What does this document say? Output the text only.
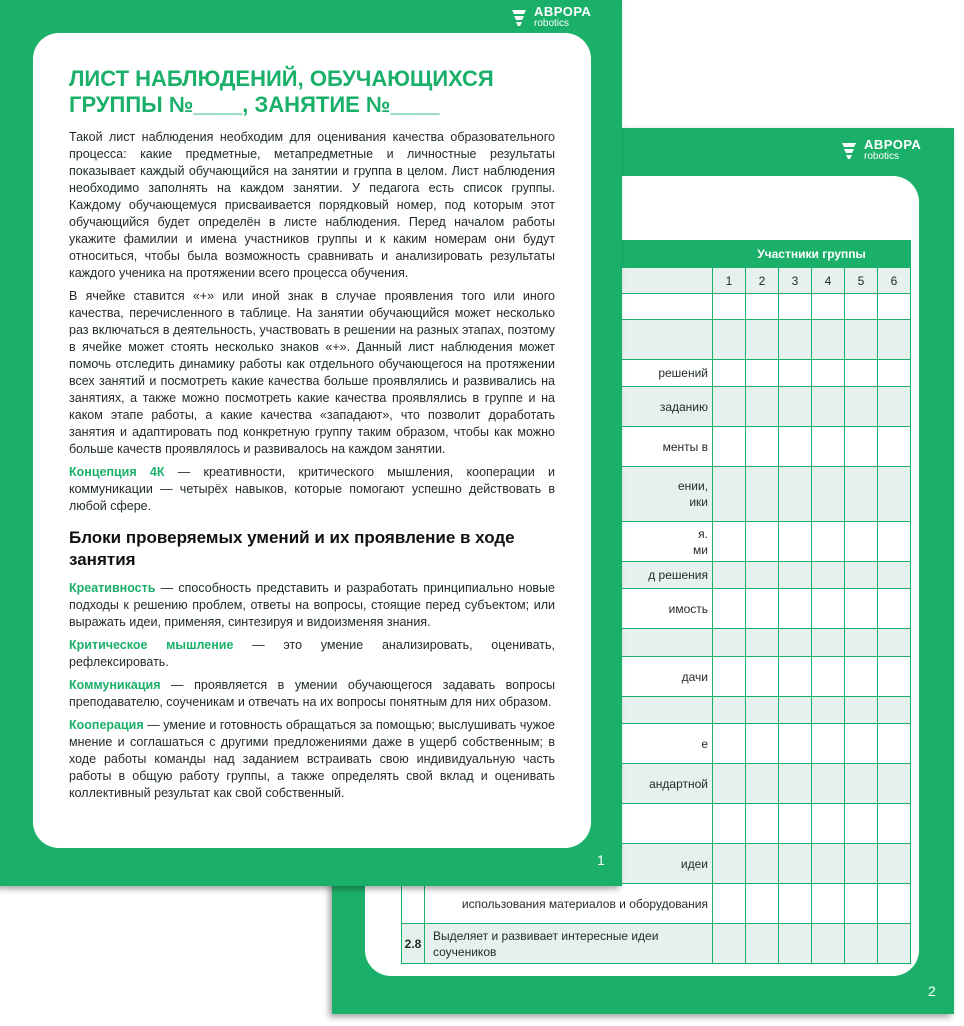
АВРОРА
robotics
		Участники группы					
		1	2	3	4	5	6

	решений						

	заданию						

	менты в						

	ении,
ики						

	я.
ми						

	д решения						

	имость						

	дачи						

	е						

	андартной						

	идеи						

	использования материалов и оборудования						

2.8	Выделяет и развивает интересные идеи соучеников						

2
АВРОРА
robotics
ЛИСТ НАБЛЮДЕНИЙ, ОБУЧАЮЩИХСЯ ГРУППЫ №____, ЗАНЯТИЕ №____

Такой лист наблюдения необходим для оценивания качества образовательного процесса: какие предметные, метапредметные и личностные результаты показывает каждый обучающийся на занятии и группа в целом. Лист наблюдения необходимо заполнять на каждом занятии. У педагога есть список группы. Каждому обучающемуся присваивается порядковый номер, под которым этот обучающийся будет определён в листе наблюдения. Перед началом работы укажите фамилии и имена участников группы и к каким номерам они будут относиться, чтобы была возможность сравнивать и анализировать результаты каждого ученика на протяжении всего процесса обучения.

В ячейке ставится «+» или иной знак в случае проявления того или иного качества, перечисленного в таблице. На занятии обучающийся может несколько раз включаться в деятельность, участвовать в решении на разных этапах, поэтому в ячейке может стоять несколько знаков «+». Данный лист наблюдения может помочь отследить динамику работы как отдельного обучающегося на протяжении всех занятий и посмотреть какие качества больше проявлялись и развивались на занятиях, а также можно посмотреть какие качества проявлялись в группе и на каком этапе работы, а какие качества «западают», что позволит доработать занятия и адаптировать под конкретную группу таким образом, чтобы как можно больше качеств проявлялось и развивалось на каждом занятии.

Концепция 4К — креативности, критического мышления, кооперации и коммуникации — четырёх навыков, которые помогают успешно действовать в любой сфере.

Блоки проверяемых умений и их проявление в ходе занятия

Креативность — способность представить и разработать принципиально новые подходы к решению проблем, ответы на вопросы, стоящие перед субъектом; или выражать идеи, применяя, синтезируя и видоизменяя знания.

Критическое мышление — это умение анализировать, оценивать, рефлексировать.

Коммуникация — проявляется в умении обучающегося задавать вопросы преподавателю, соученикам и отвечать на их вопросы понятным для них образом.

Кооперация — умение и готовность обращаться за помощью; выслушивать чужое мнение и соглашаться с другими предложениями даже в ущерб собственным; в ходе работы команды над заданием встраивать свою индивидуальную часть работы в общую работу группы, а также определять свой вклад и оценивать коллективный результат как свой собственный.

1
